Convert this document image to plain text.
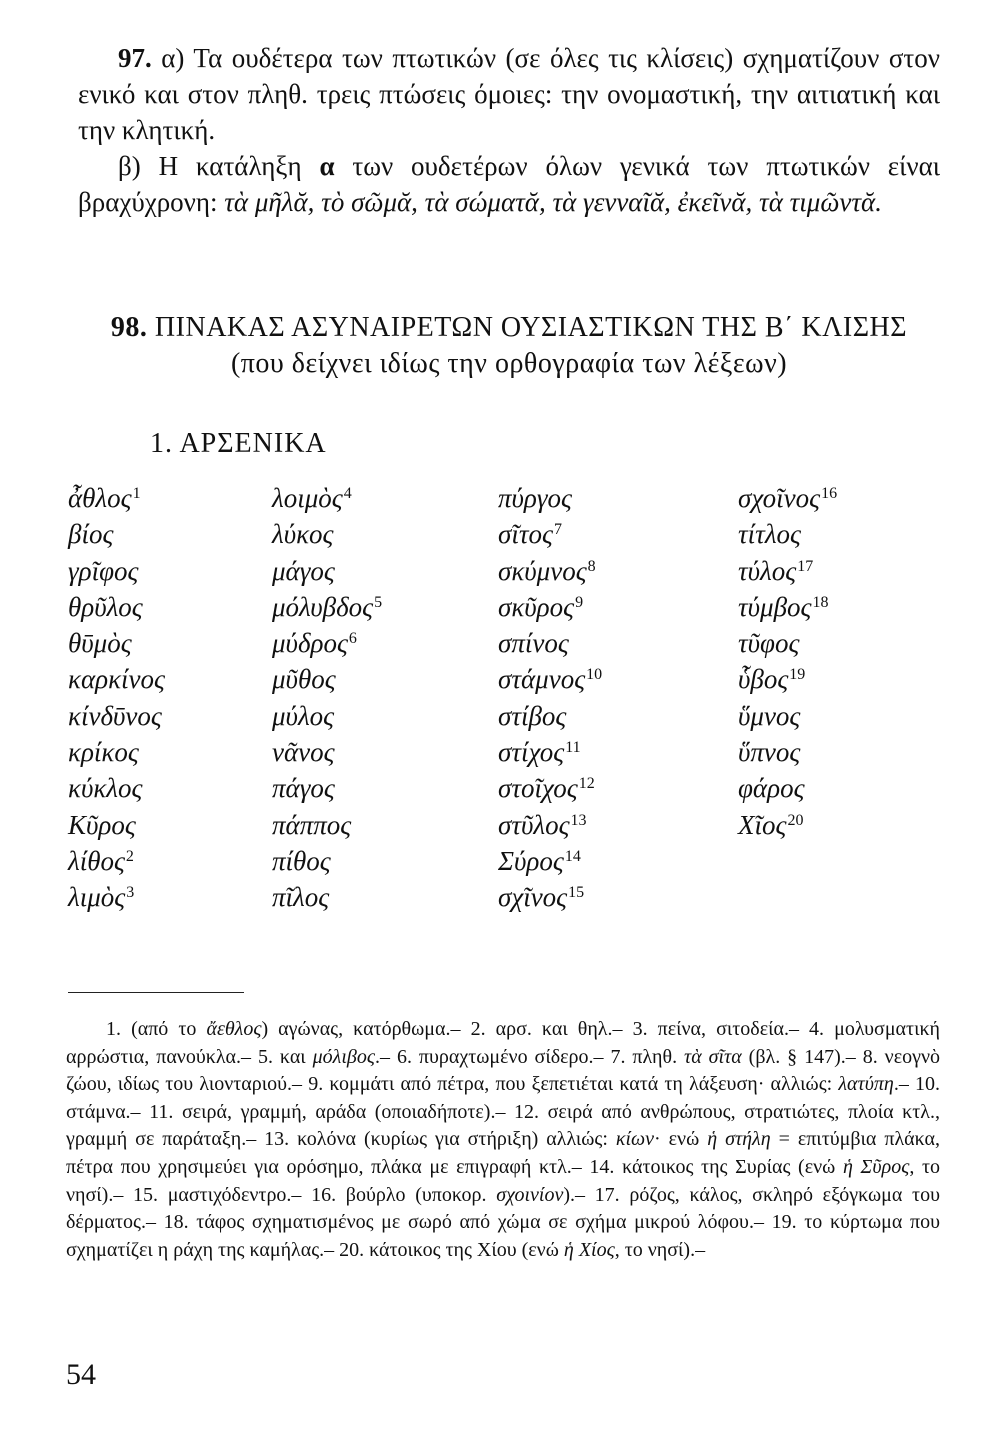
97. α) Τα ουδέτερα των πτωτικών (σε όλες τις κλίσεις) σχηματίζουν στον ενικό και στον πληθ. τρεις πτώσεις όμοιες: την ονομαστική, την αιτιατική και την κλητική.
β) Η κατάληξη α των ουδετέρων όλων γενικά των πτωτικών είναι βραχύχρονη: τὰ μῆλᾰ, τὸ σῶμᾰ, τὰ σώματᾰ, τὰ γενναῖᾰ, ἐκεῖνᾰ, τὰ τιμῶντᾰ.
98. ΠΙΝΑΚΑΣ ΑΣΥΝΑΙΡΕΤΩΝ ΟΥΣΙΑΣΤΙΚΩΝ ΤΗΣ Β΄ ΚΛΙΣΗΣ
(που δείχνει ιδίως την ορθογραφία των λέξεων)
1. ΑΡΣΕΝΙΚΑ
ἆθλος$^1$
βίος
γρῖφος
θρῦλος
θῡμὸς
καρκίνος
κίνδῡνος
κρίκος
κύκλος
Κῦρος
λίθος$^2$
λιμὸς$^3$
λοιμὸς$^4$
λύκος
μάγος
μόλυβδος$^5$
μύδρος$^6$
μῦθος
μύλος
νᾶνος
πάγος
πάππος
πίθος
πῖλος
πύργος
σῖτος$^7$
σκύμνος$^8$
σκῦρος$^9$
σπίνος
στάμνος$^{10}$
στίβος
στίχος$^{11}$
στοῖχος$^{12}$
στῦλος$^{13}$
Σύρος$^{14}$
σχῖνος$^{15}$
σχοῖνος$^{16}$
τίτλος
τύλος$^{17}$
τύμβος$^{18}$
τῦφος
ὗβος$^{19}$
ὕμνος
ὕπνος
φάρος
Χῖος$^{20}$
1. (από το ἄεθλος) αγώνας, κατόρθωμα.– 2. αρσ. και θηλ.– 3. πείνα, σιτοδεία.– 4. μολυσματική αρρώστια, πανούκλα.– 5. και μόλιβος.– 6. πυραχτωμένο σίδερο.– 7. πληθ. τὰ σῖτα (βλ. § 147).– 8. νεογνὸ ζώου, ιδίως του λιονταριού.– 9. κομμάτι από πέτρα, που ξεπετιέται κατά τη λάξευση· αλλιώς: λατύπη.– 10. στάμνα.– 11. σειρά, γραμμή, αράδα (οποιαδήποτε).– 12. σειρά από ανθρώπους, στρατιώτες, πλοία κτλ., γραμμή σε παράταξη.– 13. κολόνα (κυρίως για στήριξη) αλλιώς: κίων· ενώ ἡ στήλη = επιτύμβια πλάκα, πέτρα που χρησιμεύει για ορόσημο, πλάκα με επιγραφή κτλ.– 14. κάτοικος της Συρίας (ενώ ἡ Σῦρος, το νησί).– 15. μαστιχόδεντρο.– 16. βούρλο (υποκορ. σχοινίον).– 17. ρόζος, κάλος, σκληρό εξόγκωμα του δέρματος.– 18. τάφος σχηματισμένος με σωρό από χώμα σε σχήμα μικρού λόφου.– 19. το κύρτωμα που σχηματίζει η ράχη της καμήλας.– 20. κάτοικος της Χίου (ενώ ἡ Χίος, το νησί).–
54
